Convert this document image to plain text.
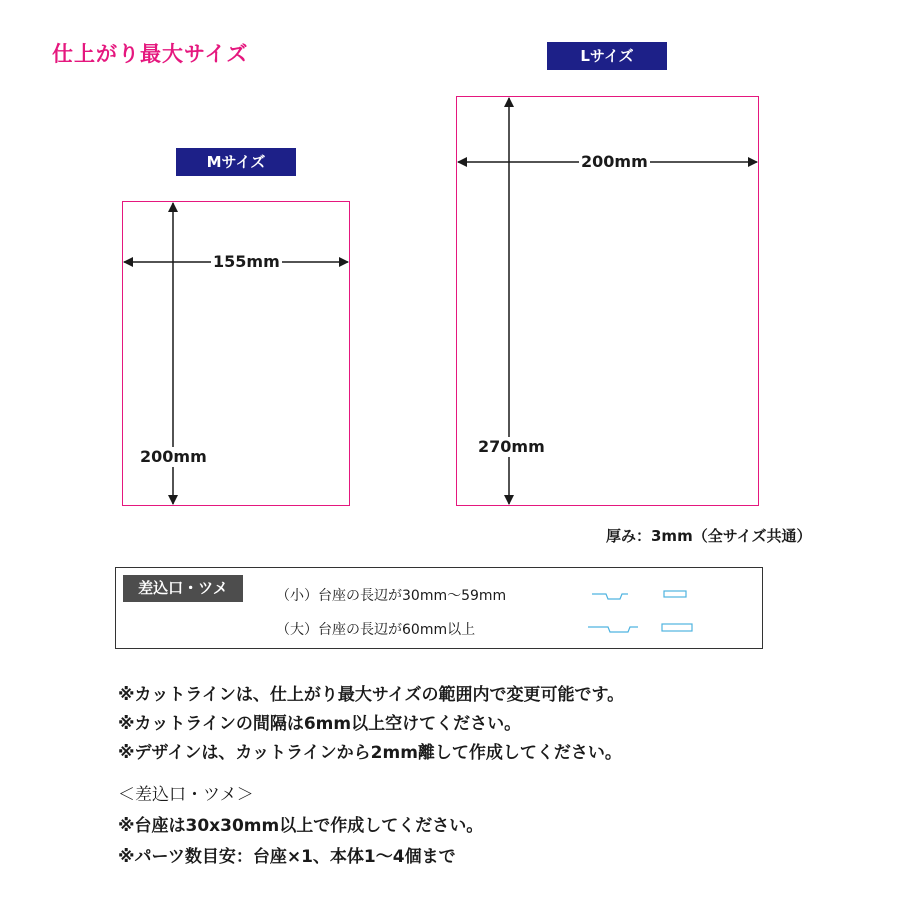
仕上がり最大サイズ
Mサイズ
Lサイズ
155mm
200mm
200mm
270mm
厚み：3mm（全サイズ共通）
差込口・ツメ	（小）台座の長辺が30mm〜59mm
（大）台座の長辺が60mm以上
※カットラインは、仕上がり最大サイズの範囲内で変更可能です。
※カットラインの間隔は6mm以上空けてください。
※デザインは、カットラインから2mm離して作成してください。
＜差込口・ツメ＞
※台座は30x30mm以上で作成してください。
※パーツ数目安：台座×1、本体1〜4個まで
